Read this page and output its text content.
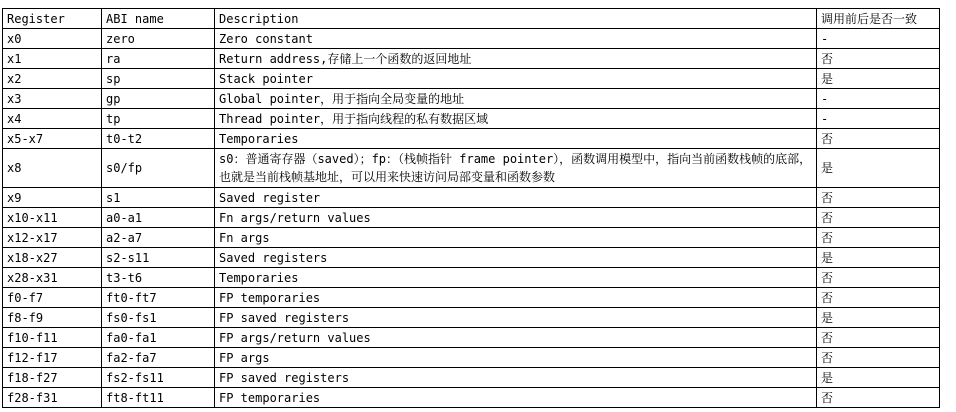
Register	ABI name	Description	调用前后是否一致
x0	zero	Zero constant	-
x1	ra	Return address,存储上一个函数的返回地址	否
x2	sp	Stack pointer	是
x3	gp	Global pointer，用于指向全局变量的地址	-
x4	tp	Thread pointer，用于指向线程的私有数据区域	-
x5-x7	t0-t2	Temporaries	否
x8	s0/fp	s0：普通寄存器（saved）；fp：（栈帧指针 frame pointer），函数调用模型中，指向当前函数栈帧的底部，也就是当前栈帧基地址，可以用来快速访问局部变量和函数参数	是
x9	s1	Saved register	否
x10-x11	a0-a1	Fn args/return values	否
x12-x17	a2-a7	Fn args	否
x18-x27	s2-s11	Saved registers	是
x28-x31	t3-t6	Temporaries	否
f0-f7	ft0-ft7	FP temporaries	否
f8-f9	fs0-fs1	FP saved registers	是
f10-f11	fa0-fa1	FP args/return values	否
f12-f17	fa2-fa7	FP args	否
f18-f27	fs2-fs11	FP saved registers	是
f28-f31	ft8-ft11	FP temporaries	否
